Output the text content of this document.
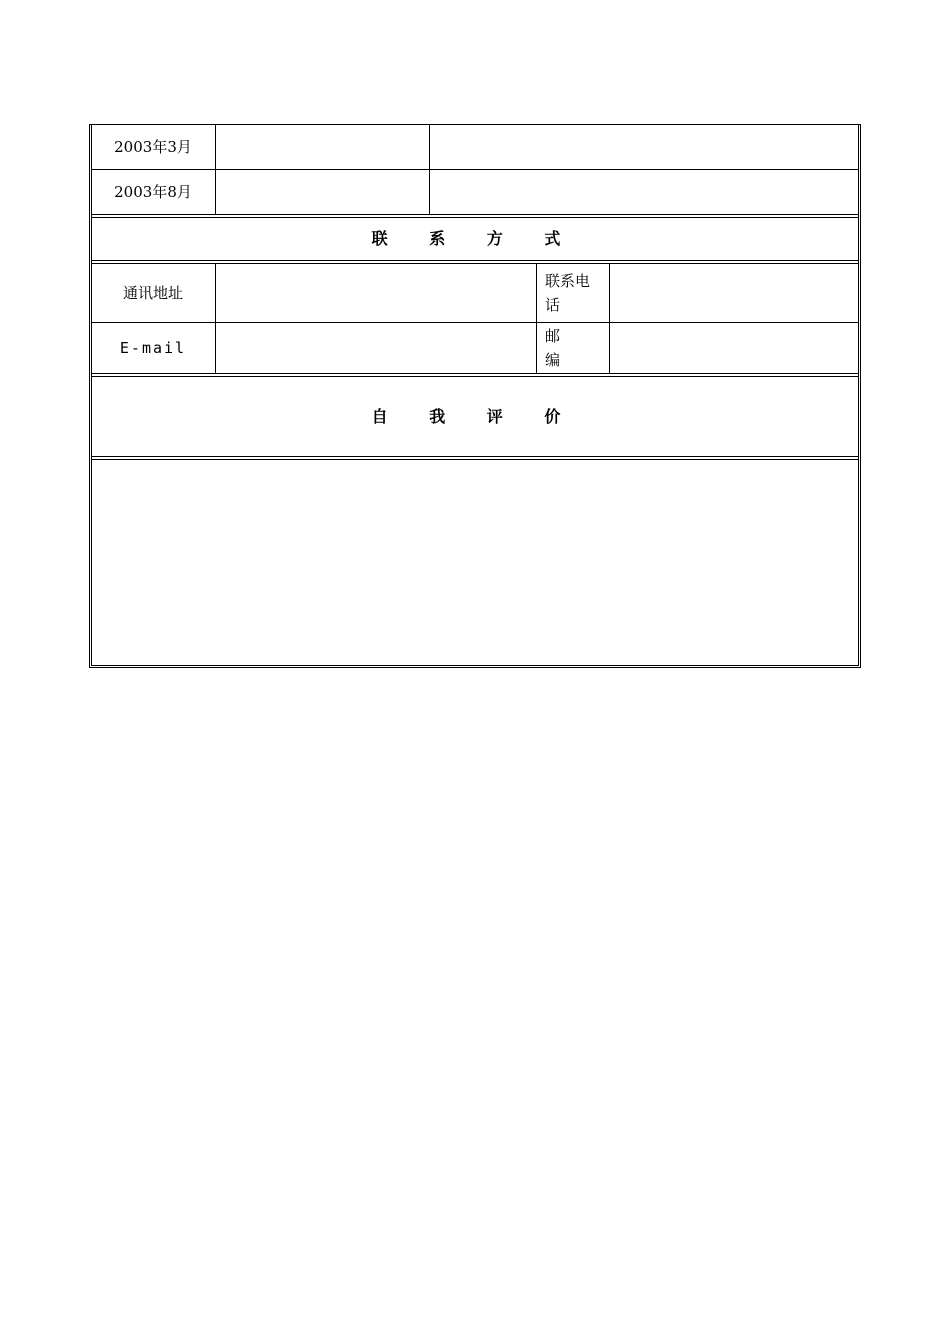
2003年3月
2003年8月
联 系 方 式
通讯地址
联系电
话
E-mail
邮
编
自 我 评 价
